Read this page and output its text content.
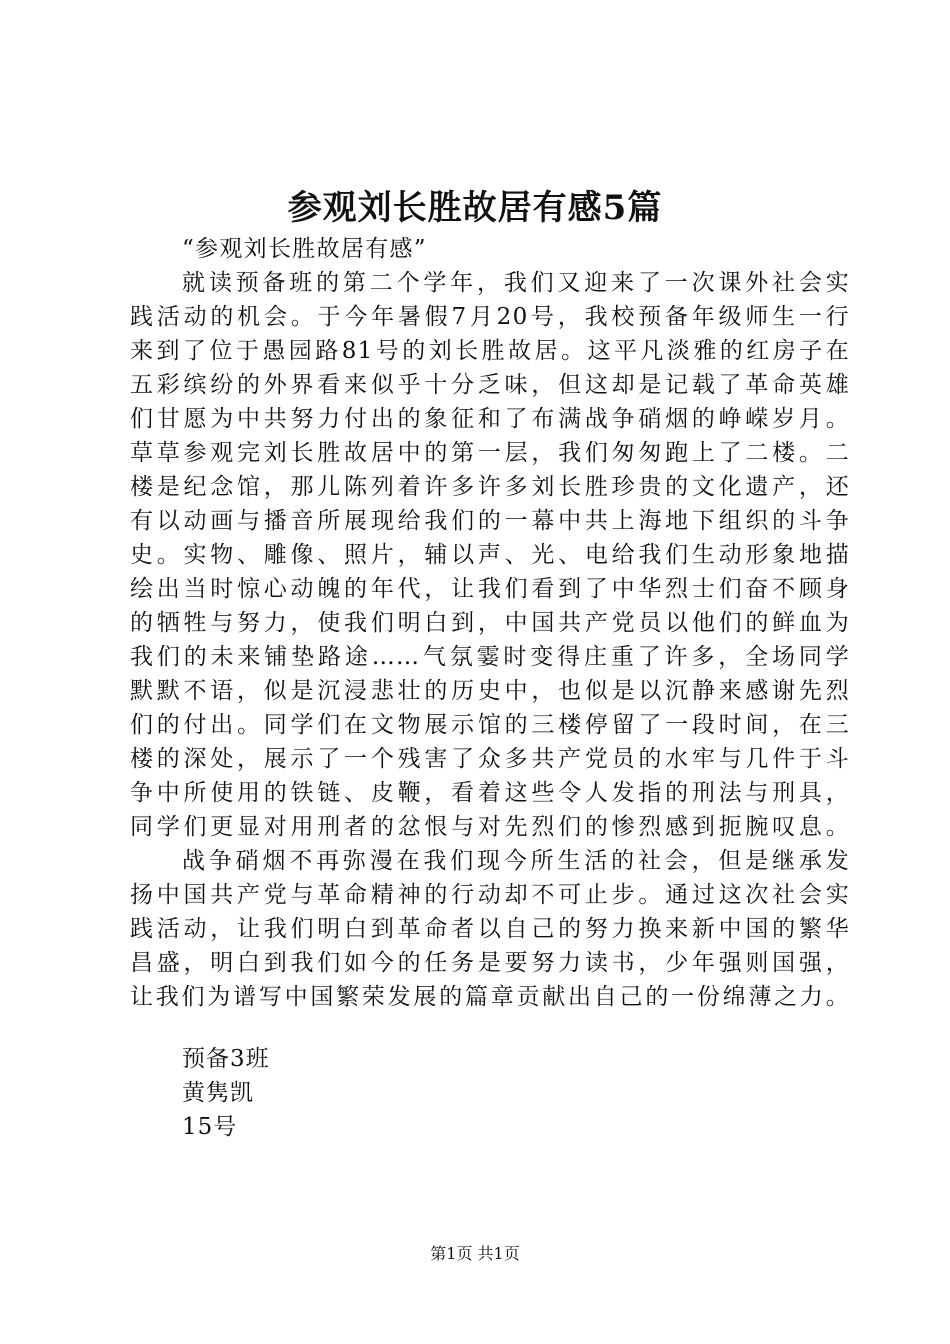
参观刘长胜故居有感5篇
“参观刘长胜故居有感”
就读预备班的第二个学年，我们又迎来了一次课外社会实
践活动的机会。于今年暑假7月20号，我校预备年级师生一行
来到了位于愚园路81号的刘长胜故居。这平凡淡雅的红房子在
五彩缤纷的外界看来似乎十分乏味，但这却是记载了革命英雄
们甘愿为中共努力付出的象征和了布满战争硝烟的峥嵘岁月。
草草参观完刘长胜故居中的第一层，我们匆匆跑上了二楼。二
楼是纪念馆，那儿陈列着许多许多刘长胜珍贵的文化遗产，还
有以动画与播音所展现给我们的一幕中共上海地下组织的斗争
史。实物、雕像、照片，辅以声、光、电给我们生动形象地描
绘出当时惊心动魄的年代，让我们看到了中华烈士们奋不顾身
的牺牲与努力，使我们明白到，中国共产党员以他们的鲜血为
我们的未来铺垫路途……气氛霎时变得庄重了许多，全场同学
默默不语，似是沉浸悲壮的历史中，也似是以沉静来感谢先烈
们的付出。同学们在文物展示馆的三楼停留了一段时间，在三
楼的深处，展示了一个残害了众多共产党员的水牢与几件于斗
争中所使用的铁链、皮鞭，看着这些令人发指的刑法与刑具，
同学们更显对用刑者的忿恨与对先烈们的惨烈感到扼腕叹息。
战争硝烟不再弥漫在我们现今所生活的社会，但是继承发
扬中国共产党与革命精神的行动却不可止步。通过这次社会实
践活动，让我们明白到革命者以自己的努力换来新中国的繁华
昌盛，明白到我们如今的任务是要努力读书，少年强则国强，
让我们为谱写中国繁荣发展的篇章贡献出自己的一份绵薄之力。
预备3班
黄隽凯
15号
第1页 共1页
